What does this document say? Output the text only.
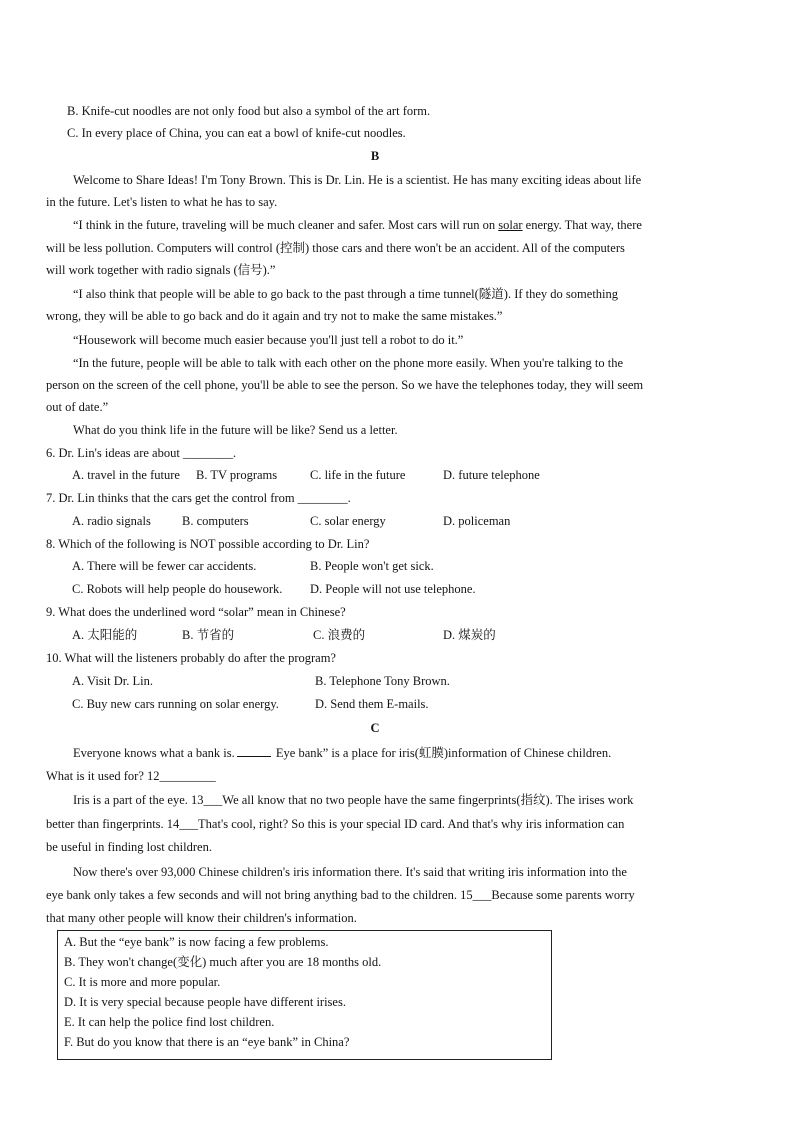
B. Knife-cut noodles are not only food but also a symbol of the art form.
C. In every place of China, you can eat a bowl of knife-cut noodles.
B
Welcome to Share Ideas! I'm Tony Brown. This is Dr. Lin. He is a scientist. He has many exciting ideas about life
in the future. Let's listen to what he has to say.
“I think in the future, traveling will be much cleaner and safer. Most cars will run on solar energy. That way, there
will be less pollution. Computers will control (控制) those cars and there won't be an accident. All of the computers
will work together with radio signals (信号).”
“I also think that people will be able to go back to the past through a time tunnel(隧道). If they do something
wrong, they will be able to go back and do it again and try not to make the same mistakes.”
“Housework will become much easier because you'll just tell a robot to do it.”
“In the future, people will be able to talk with each other on the phone more easily. When you're talking to the
person on the screen of the cell phone, you'll be able to see the person. So we have the telephones today, they will seem
out of date.”
What do you think life in the future will be like? Send us a letter.
6. Dr. Lin's ideas are about ________.
A. travel in the future B. TV programs	C. life in the future	D. future telephone
7. Dr. Lin thinks that the cars get the control from ________.
A. radio signals B. computers	C. solar energy	D. policeman
8. Which of the following is NOT possible according to Dr. Lin?
A. There will be fewer car accidents.	B. People won't get sick.
C. Robots will help people do housework. D. People will not use telephone.
9. What does the underlined word “solar” mean in Chinese?
A. 太阳能的	B. 节省的	C. 浪费的	D. 煤炭的
10. What will the listeners probably do after the program?
A. Visit Dr. Lin.	B. Telephone Tony Brown.
C. Buy new cars running on solar energy.	D. Send them E-mails.
C
Everyone knows what a bank is.	Eye bank” is a place for iris(虹膜)information of Chinese children.
What is it used for? 12_________
Iris is a part of the eye. 13___We all know that no two people have the same fingerprints(指纹). The irises work
better than fingerprints. 14___That's cool, right? So this is your special ID card. And that's why iris information can
be useful in finding lost children.
Now there's over 93,000 Chinese children's iris information there. It's said that writing iris information into the
eye bank only takes a few seconds and will not bring anything bad to the children. 15___Because some parents worry
that many other people will know their children's information.
A. But the “eye bank” is now facing a few problems.
B. They won't change(变化) much after you are 18 months old.
C. It is more and more popular.
D. It is very special because people have different irises.
E. It can help the police find lost children.
F. But do you know that there is an “eye bank” in China?
